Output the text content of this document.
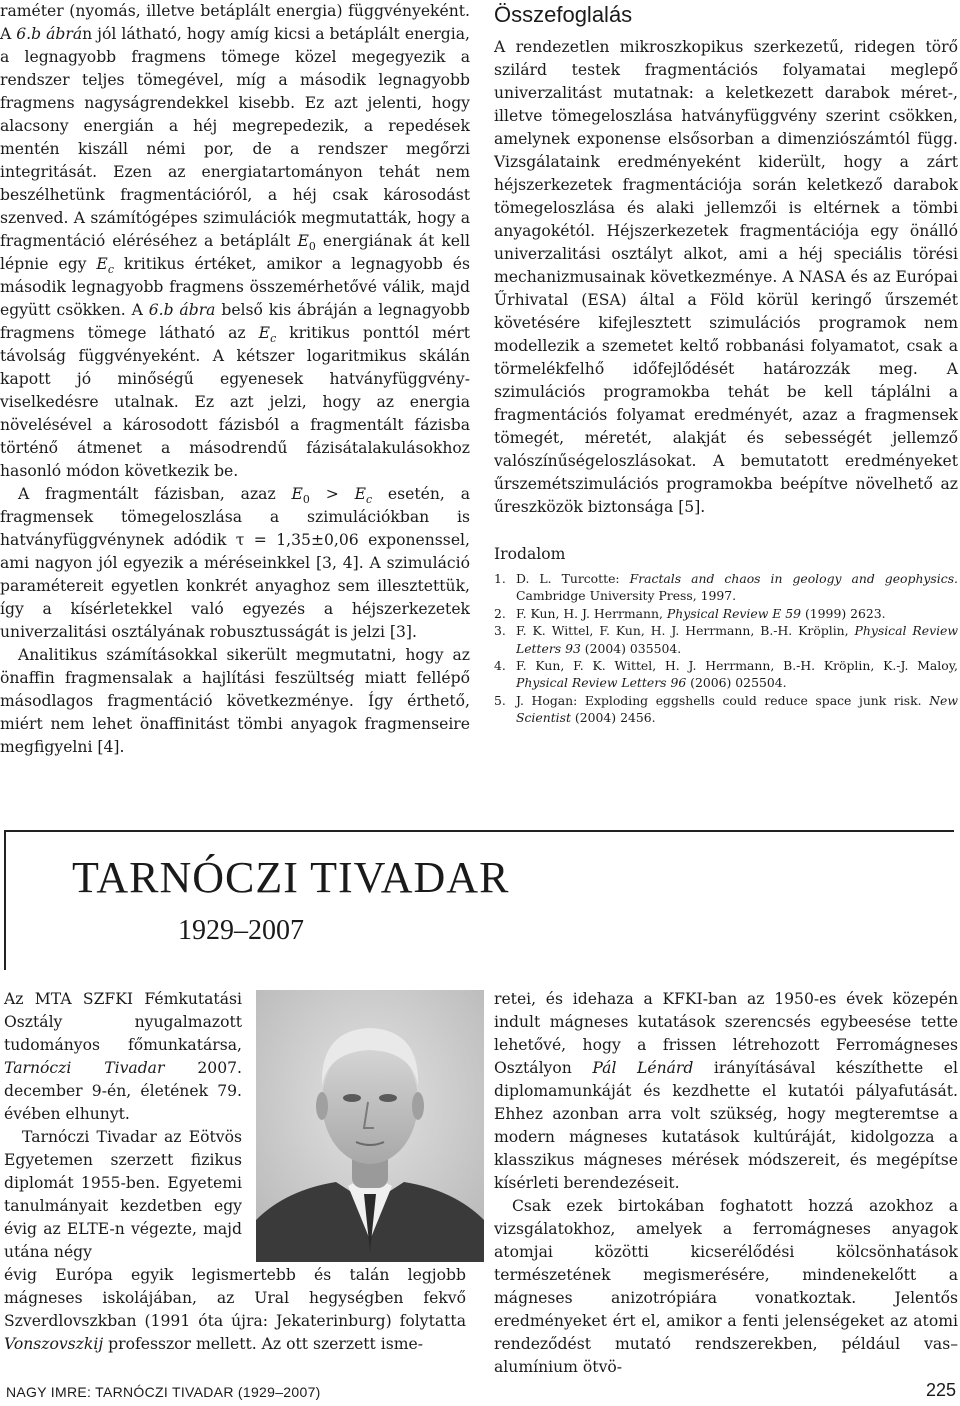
raméter (nyomás, illetve betáplált energia) függvényeként. A 6.b ábrán jól látható, hogy amíg kicsi a betáplált energia, a legnagyobb fragmens tömege közel megegyezik a rendszer teljes tömegével, míg a második legnagyobb fragmens nagyságrendekkel kisebb. Ez azt jelenti, hogy alacsony energián a héj megrepedezik, a repedések mentén kiszáll némi por, de a rendszer megőrzi integritását. Ezen az energiatartományon tehát nem beszélhetünk fragmentációról, a héj csak károsodást szenved. A számítógépes szimulációk megmutatták, hogy a fragmentáció eléréséhez a betáplált $E_0$ energiának át kell lépnie egy $E_c$ kritikus értéket, amikor a legnagyobb és második legnagyobb fragmens összemérhetővé válik, majd együtt csökken. A 6.b ábra belső kis ábráján a legnagyobb fragmens tömege látható az $E_c$ kritikus ponttól mért távolság függvényeként. A kétszer logaritmikus skálán kapott jó minőségű egyenesek hatványfüggvény-viselkedésre utalnak. Ez azt jelzi, hogy az energia növelésével a károsodott fázisból a fragmentált fázisba történő átmenet a másodrendű fázisátalakulásokhoz hasonló módon következik be.

A fragmentált fázisban, azaz $E_0 > E_c$ esetén, a fragmensek tömegeloszlása a szimulációkban is hatványfüggvénynek adódik τ = 1,35±0,06 exponenssel, ami nagyon jól egyezik a méréseinkkel [3, 4]. A szimuláció paramétereit egyetlen konkrét anyaghoz sem illesztettük, így a kísérletekkel való egyezés a héjszerkezetek univerzalitási osztályának robusztusságát is jelzi [3].

Analitikus számításokkal sikerült megmutatni, hogy az önaffin fragmensalak a hajlítási feszültség miatt fellépő másodlagos fragmentáció következménye. Így érthető, miért nem lehet önaffinitást tömbi anyagok fragmenseire megfigyelni [4].

Összefoglalás

A rendezetlen mikroszkopikus szerkezetű, ridegen törő szilárd testek fragmentációs folyamatai meglepő univerzalitást mutatnak: a keletkezett darabok méret-, illetve tömegeloszlása hatványfüggvény szerint csökken, amelynek exponense elsősorban a dimenziószámtól függ. Vizsgálataink eredményeként kiderült, hogy a zárt héjszerkezetek fragmentációja során keletkező darabok tömegeloszlása és alaki jellemzői is eltérnek a tömbi anyagokétól. Héjszerkezetek fragmentációja egy önálló univerzalitási osztályt alkot, ami a héj speciális törési mechanizmusainak következménye. A NASA és az Európai Űrhivatal (ESA) által a Föld körül keringő űrszemét követésére kifejlesztett szimulációs programok nem modellezik a szemetet keltő robbanási folyamatot, csak a törmelékfelhő időfejlődését határozzák meg. A szimulációs programokba tehát be kell táplálni a fragmentációs folyamat eredményét, azaz a fragmensek tömegét, méretét, alakját és sebességét jellemző valószínűségeloszlásokat. A bemutatott eredményeket űrszemétszimulációs programokba beépítve növelhető az űreszközök biztonsága [5].

Irodalom
1. D. L. Turcotte: Fractals and chaos in geology and geophysics. Cambridge University Press, 1997.
2. F. Kun, H. J. Herrmann, Physical Review E 59 (1999) 2623.
3. F. K. Wittel, F. Kun, H. J. Herrmann, B.-H. Kröplin, Physical Review Letters 93 (2004) 035504.
4. F. Kun, F. K. Wittel, H. J. Herrmann, B.-H. Kröplin, K.-J. Maloy, Physical Review Letters 96 (2006) 025504.
5. J. Hogan: Exploding eggshells could reduce space junk risk. New Scientist (2004) 2456.
TARNÓCZI TIVADAR
1929–2007

Az MTA SZFKI Fémkutatási Osztály nyugalmazott tudományos főmunkatársa, Tarnóczi Tivadar 2007. december 9-én, életének 79. évében elhunyt.

Tarnóczi Tivadar az Eötvös Egyetemen szerzett fizikus diplomát 1955-ben. Egyetemi tanulmányait kezdetben egy évig az ELTE-n végezte, majd utána négy

évig Európa egyik legismertebb és talán legjobb mágneses iskolájában, az Ural hegységben fekvő Szverdlovszkban (1991 óta újra: Jekaterinburg) folytatta Vonszovszkij professzor mellett. Az ott szerzett isme-

retei, és idehaza a KFKI-ban az 1950-es évek közepén indult mágneses kutatások szerencsés egybeesése tette lehetővé, hogy a frissen létrehozott Ferromágneses Osztályon Pál Lénárd irányításával készíthette el diplomamunkáját és kezdhette el kutatói pályafutását. Ehhez azonban arra volt szükség, hogy megteremtse a modern mágneses kutatások kultúráját, kidolgozza a klasszikus mágneses mérések módszereit, és megépítse kísérleti berendezéseit.

Csak ezek birtokában foghatott hozzá azokhoz a vizsgálatokhoz, amelyek a ferromágneses anyagok atomjai közötti kicserélődési kölcsönhatások természetének megismerésére, mindenekelőtt a mágneses anizotrópiára vonatkoztak. Jelentős eredményeket ért el, amikor a fenti jelenségeket az atomi rendeződést mutató rendszerekben, például vas–alumínium ötvö-

NAGY IMRE: TARNÓCZI TIVADAR (1929–2007)	225
